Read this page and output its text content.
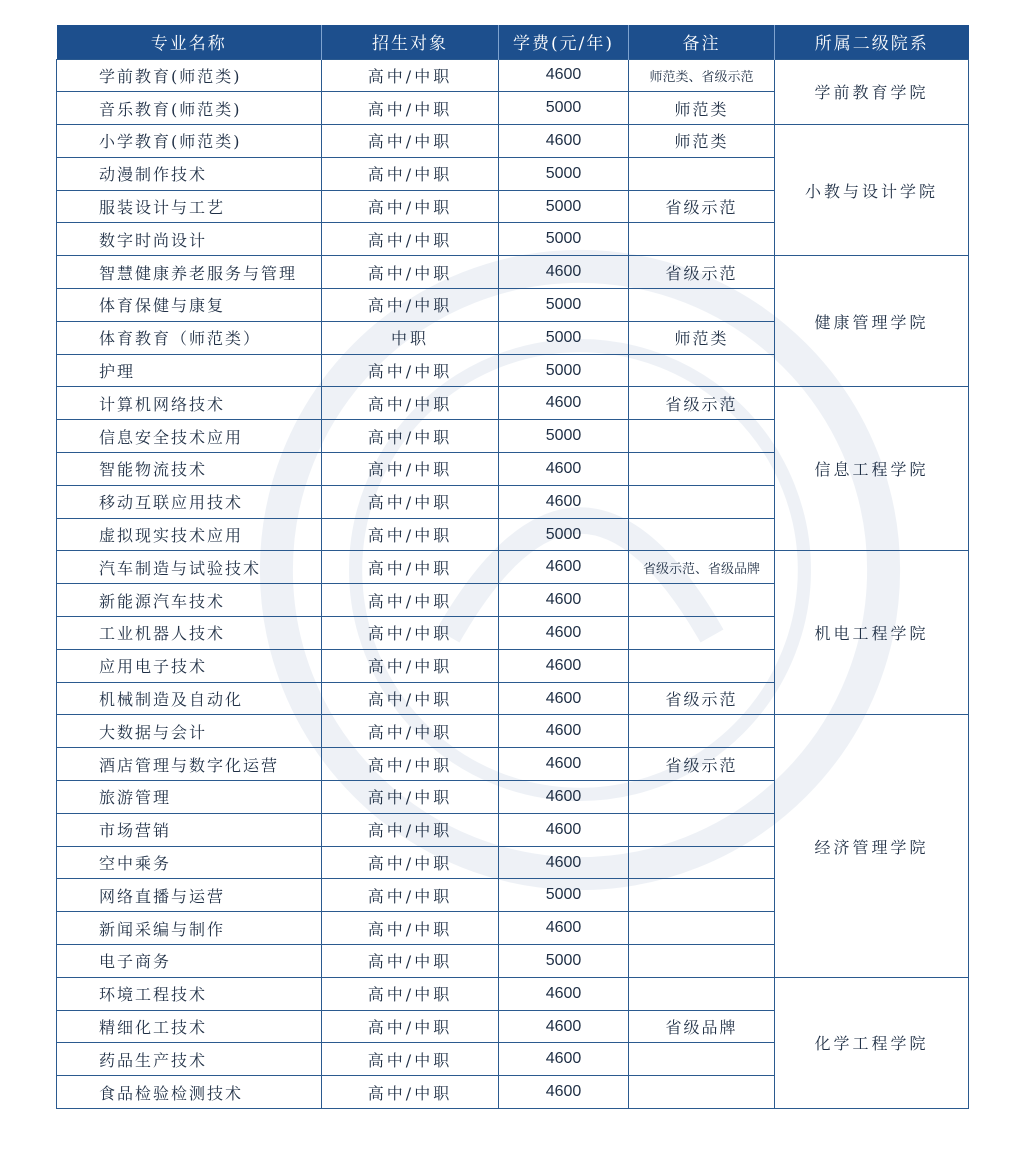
专业名称	招生对象	学费(元/年)	备注	所属二级院系
学前教育(师范类)	高中/中职	4600	师范类、省级示范	学前教育学院
音乐教育(师范类)	高中/中职	5000	师范类	
小学教育(师范类)	高中/中职	4600	师范类	小教与设计学院
动漫制作技术	高中/中职	5000		
服装设计与工艺	高中/中职	5000	省级示范	
数字时尚设计	高中/中职	5000		
智慧健康养老服务与管理	高中/中职	4600	省级示范	健康管理学院
体育保健与康复	高中/中职	5000		
体育教育（师范类）	中职	5000	师范类	
护理	高中/中职	5000		
计算机网络技术	高中/中职	4600	省级示范	信息工程学院
信息安全技术应用	高中/中职	5000		
智能物流技术	高中/中职	4600		
移动互联应用技术	高中/中职	4600		
虚拟现实技术应用	高中/中职	5000		
汽车制造与试验技术	高中/中职	4600	省级示范、省级品牌	机电工程学院
新能源汽车技术	高中/中职	4600		
工业机器人技术	高中/中职	4600		
应用电子技术	高中/中职	4600		
机械制造及自动化	高中/中职	4600	省级示范	
大数据与会计	高中/中职	4600		经济管理学院
酒店管理与数字化运营	高中/中职	4600	省级示范	
旅游管理	高中/中职	4600		
市场营销	高中/中职	4600		
空中乘务	高中/中职	4600		
网络直播与运营	高中/中职	5000		
新闻采编与制作	高中/中职	4600		
电子商务	高中/中职	5000		
环境工程技术	高中/中职	4600		化学工程学院
精细化工技术	高中/中职	4600	省级品牌	
药品生产技术	高中/中职	4600		
食品检验检测技术	高中/中职	4600		
